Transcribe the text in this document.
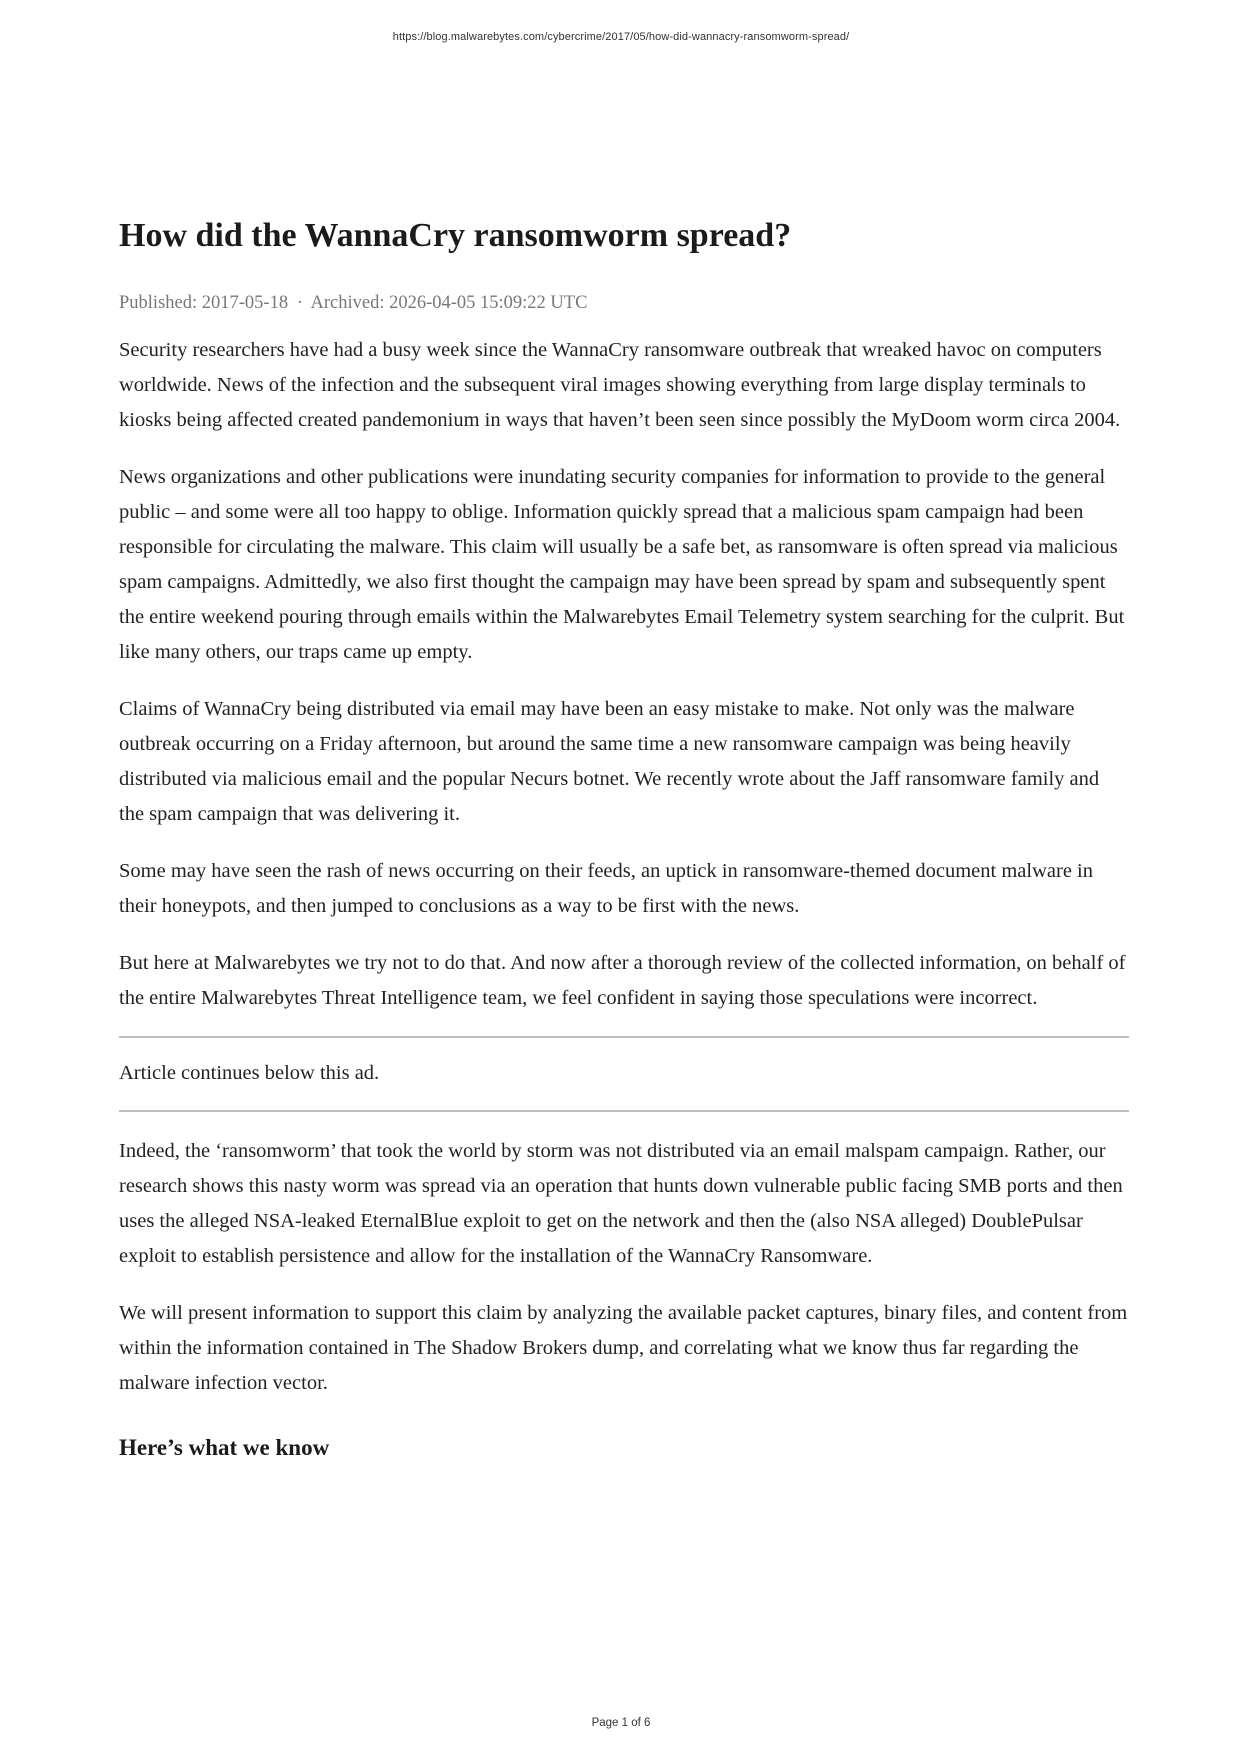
https://blog.malwarebytes.com/cybercrime/2017/05/how-did-wannacry-ransomworm-spread/
How did the WannaCry ransomworm spread?
Published: 2017-05-18 · Archived: 2026-04-05 15:09:22 UTC

Security researchers have had a busy week since the WannaCry ransomware outbreak that wreaked havoc on computers worldwide. News of the infection and the subsequent viral images showing everything from large display terminals to kiosks being affected created pandemonium in ways that haven’t been seen since possibly the MyDoom worm circa 2004.

News organizations and other publications were inundating security companies for information to provide to the general public – and some were all too happy to oblige. Information quickly spread that a malicious spam campaign had been responsible for circulating the malware. This claim will usually be a safe bet, as ransomware is often spread via malicious spam campaigns. Admittedly, we also first thought the campaign may have been spread by spam and subsequently spent the entire weekend pouring through emails within the Malwarebytes Email Telemetry system searching for the culprit. But like many others, our traps came up empty.

Claims of WannaCry being distributed via email may have been an easy mistake to make. Not only was the malware outbreak occurring on a Friday afternoon, but around the same time a new ransomware campaign was being heavily distributed via malicious email and the popular Necurs botnet. We recently wrote about the Jaff ransomware family and the spam campaign that was delivering it.

Some may have seen the rash of news occurring on their feeds, an uptick in ransomware-themed document malware in their honeypots, and then jumped to conclusions as a way to be first with the news.

But here at Malwarebytes we try not to do that. And now after a thorough review of the collected information, on behalf of the entire Malwarebytes Threat Intelligence team, we feel confident in saying those speculations were incorrect.

Article continues below this ad.

Indeed, the ‘ransomworm’ that took the world by storm was not distributed via an email malspam campaign. Rather, our research shows this nasty worm was spread via an operation that hunts down vulnerable public facing SMB ports and then uses the alleged NSA-leaked EternalBlue exploit to get on the network and then the (also NSA alleged) DoublePulsar exploit to establish persistence and allow for the installation of the WannaCry Ransomware.

We will present information to support this claim by analyzing the available packet captures, binary files, and content from within the information contained in The Shadow Brokers dump, and correlating what we know thus far regarding the malware infection vector.

Here’s what we know
Page 1 of 6
